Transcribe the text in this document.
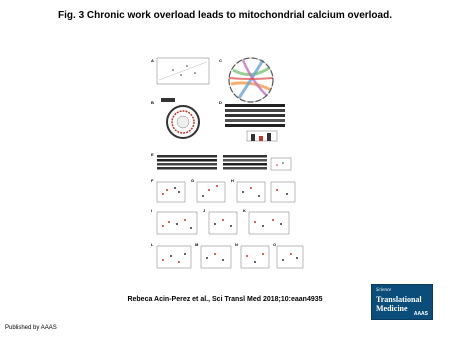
Fig. 3 Chronic work overload leads to mitochondrial calcium overload.
A	C
B	D
E
F	G	H
I	J	K
L	M	N	O
Rebeca Acin-Perez et al., Sci Transl Med 2018;10:eaan4935
Science
Translational
Medicine
AAAS
Published by AAAS
